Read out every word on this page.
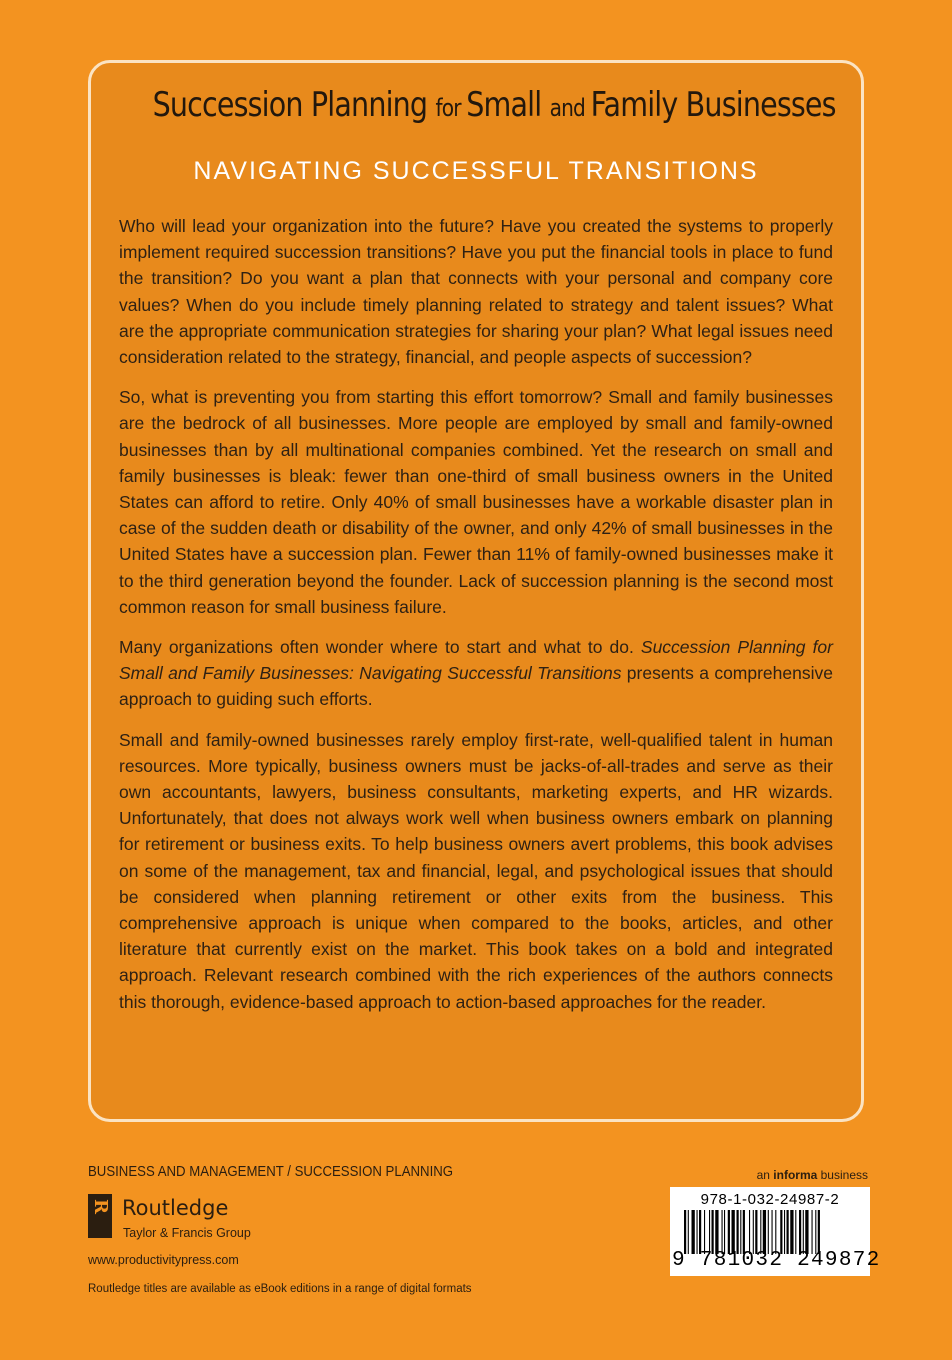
Succession Planning for Small and Family Businesses
NAVIGATING SUCCESSFUL TRANSITIONS

Who will lead your organization into the future? Have you created the systems to properly implement required succession transitions? Have you put the financial tools in place to fund the transition? Do you want a plan that connects with your personal and company core values? When do you include timely planning related to strategy and talent issues? What are the appropriate communication strategies for sharing your plan? What legal issues need consideration related to the strategy, financial, and people aspects of succession?

So, what is preventing you from starting this effort tomorrow? Small and family businesses are the bedrock of all businesses. More people are employed by small and family-owned businesses than by all multinational companies combined. Yet the research on small and family businesses is bleak: fewer than one-third of small business owners in the United States can afford to retire. Only 40% of small businesses have a workable disaster plan in case of the sudden death or disability of the owner, and only 42% of small businesses in the United States have a succession plan. Fewer than 11% of family-owned businesses make it to the third generation beyond the founder. Lack of succession planning is the second most common reason for small business failure.

Many organizations often wonder where to start and what to do. Succession Planning for Small and Family Businesses: Navigating Successful Transitions presents a comprehensive approach to guiding such efforts.

Small and family-owned businesses rarely employ first-rate, well-qualified talent in human resources. More typically, business owners must be jacks-of-all-trades and serve as their own accountants, lawyers, business consultants, marketing experts, and HR wizards. Unfortunately, that does not always work well when business owners embark on planning for retirement or business exits. To help business owners avert problems, this book advises on some of the management, tax and financial, legal, and psychological issues that should be considered when planning retirement or other exits from the business. This comprehensive approach is unique when compared to the books, articles, and other literature that currently exist on the market. This book takes on a bold and integrated approach. Relevant research combined with the rich experiences of the authors connects this thorough, evidence-based approach to action-based approaches for the reader.

BUSINESS AND MANAGEMENT / SUCCESSION PLANNING	an informa business
R Routledge
Taylor & Francis Group
www.productivitypress.com
Routledge titles are available as eBook editions in a range of digital formats
978-1-032-24987-2
9 781032 249872
